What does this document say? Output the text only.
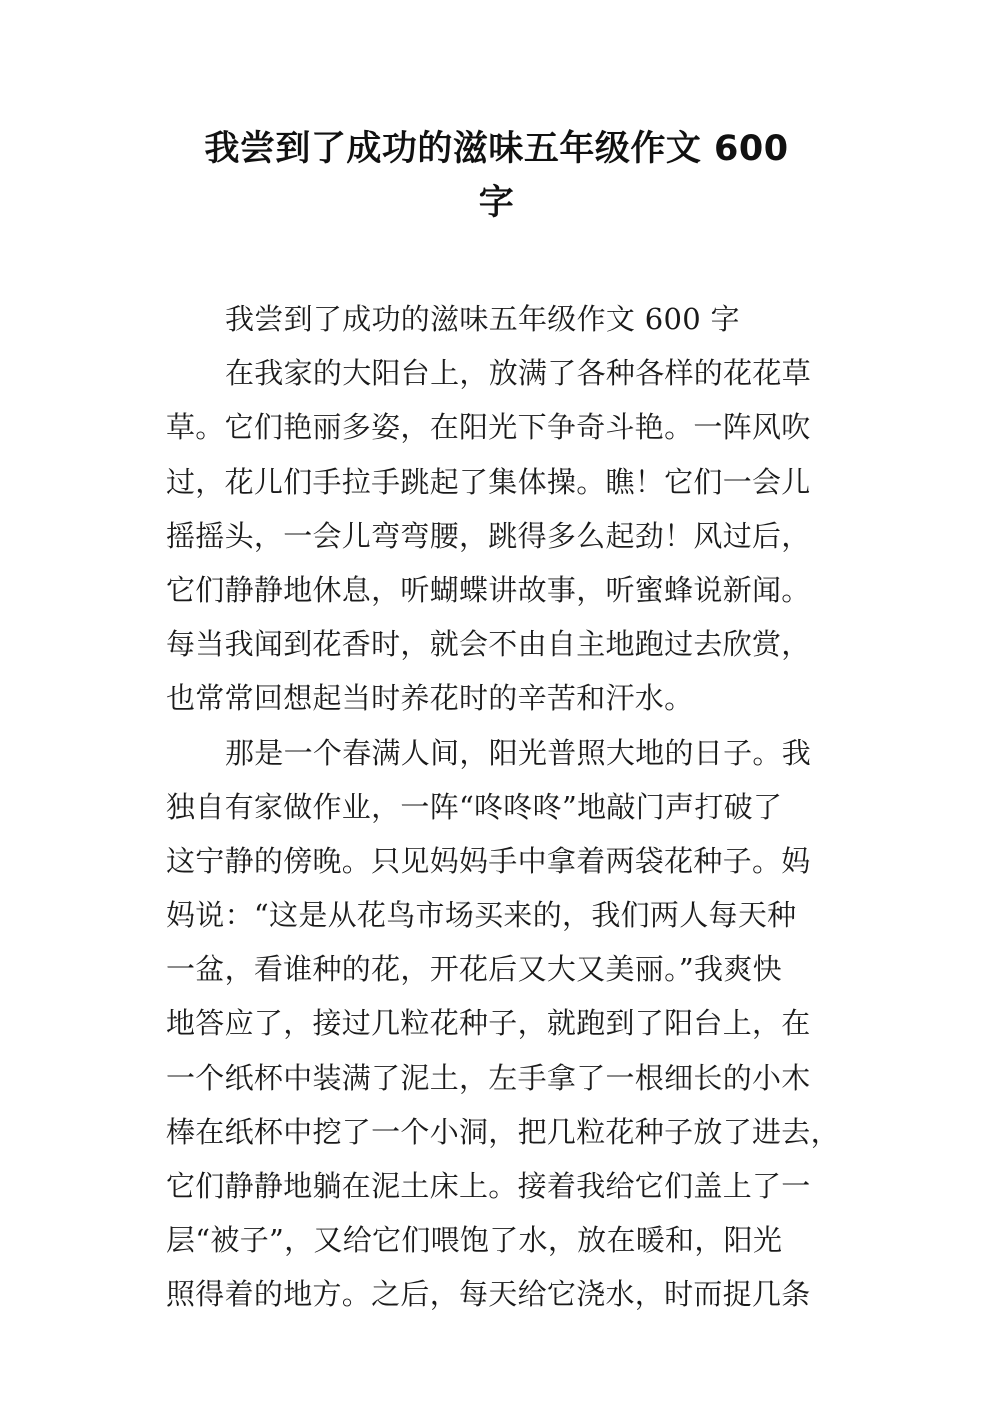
我尝到了成功的滋味五年级作文 600
字
我尝到了成功的滋味五年级作文 600 字
在我家的大阳台上，放满了各种各样的花花草
草。它们艳丽多姿，在阳光下争奇斗艳。一阵风吹
过，花儿们手拉手跳起了集体操。瞧！它们一会儿
摇摇头，一会儿弯弯腰，跳得多么起劲！风过后，
它们静静地休息，听蝴蝶讲故事，听蜜蜂说新闻。
每当我闻到花香时，就会不由自主地跑过去欣赏，
也常常回想起当时养花时的辛苦和汗水。
那是一个春满人间，阳光普照大地的日子。我
独自有家做作业，一阵“咚咚咚”地敲门声打破了
这宁静的傍晚。只见妈妈手中拿着两袋花种子。妈
妈说：“这是从花鸟市场买来的，我们两人每天种
一盆，看谁种的花，开花后又大又美丽。”我爽快
地答应了，接过几粒花种子，就跑到了阳台上，在
一个纸杯中装满了泥土，左手拿了一根细长的小木
棒在纸杯中挖了一个小洞，把几粒花种子放了进去，
它们静静地躺在泥土床上。接着我给它们盖上了一
层“被子”，又给它们喂饱了水，放在暖和，阳光
照得着的地方。之后，每天给它浇水，时而捉几条
